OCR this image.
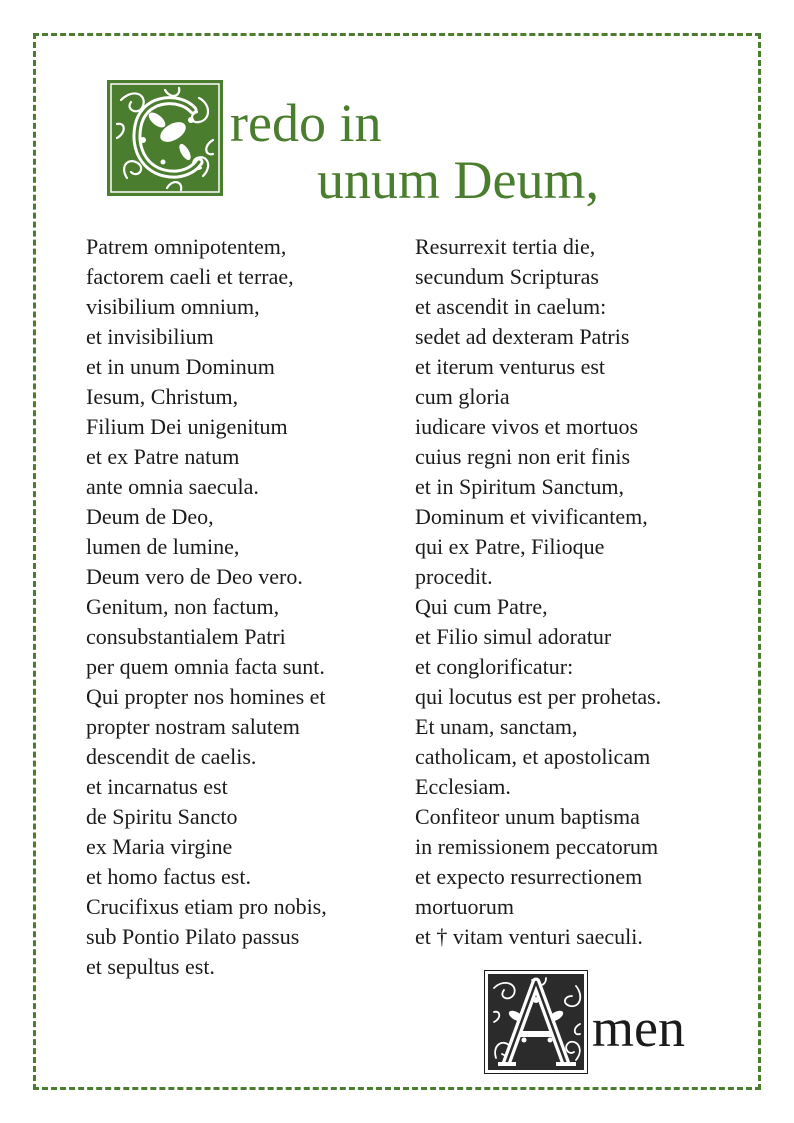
redo in
unum Deum,
Patrem omnipotentem,
factorem caeli et terrae,
visibilium omnium,
et invisibilium
et in unum Dominum
Iesum, Christum,
Filium Dei unigenitum
et ex Patre natum
ante omnia saecula.
Deum de Deo,
lumen de lumine,
Deum vero de Deo vero.
Genitum, non factum,
consubstantialem Patri
per quem omnia facta sunt.
Qui propter nos homines et
propter nostram salutem
descendit de caelis.
et incarnatus est
de Spiritu Sancto
ex Maria virgine
et homo factus est.
Crucifixus etiam pro nobis,
sub Pontio Pilato passus
et sepultus est.
Resurrexit tertia die,
secundum Scripturas
et ascendit in caelum:
sedet ad dexteram Patris
et iterum venturus est
cum gloria
iudicare vivos et mortuos
cuius regni non erit finis
et in Spiritum Sanctum,
Dominum et vivificantem,
qui ex Patre, Filioque
procedit.
Qui cum Patre,
et Filio simul adoratur
et conglorificatur:
qui locutus est per prohetas.
Et unam, sanctam,
catholicam, et apostolicam
Ecclesiam.
Confiteor unum baptisma
in remissionem peccatorum
et expecto resurrectionem
mortuorum
et † vitam venturi saeculi.
men
